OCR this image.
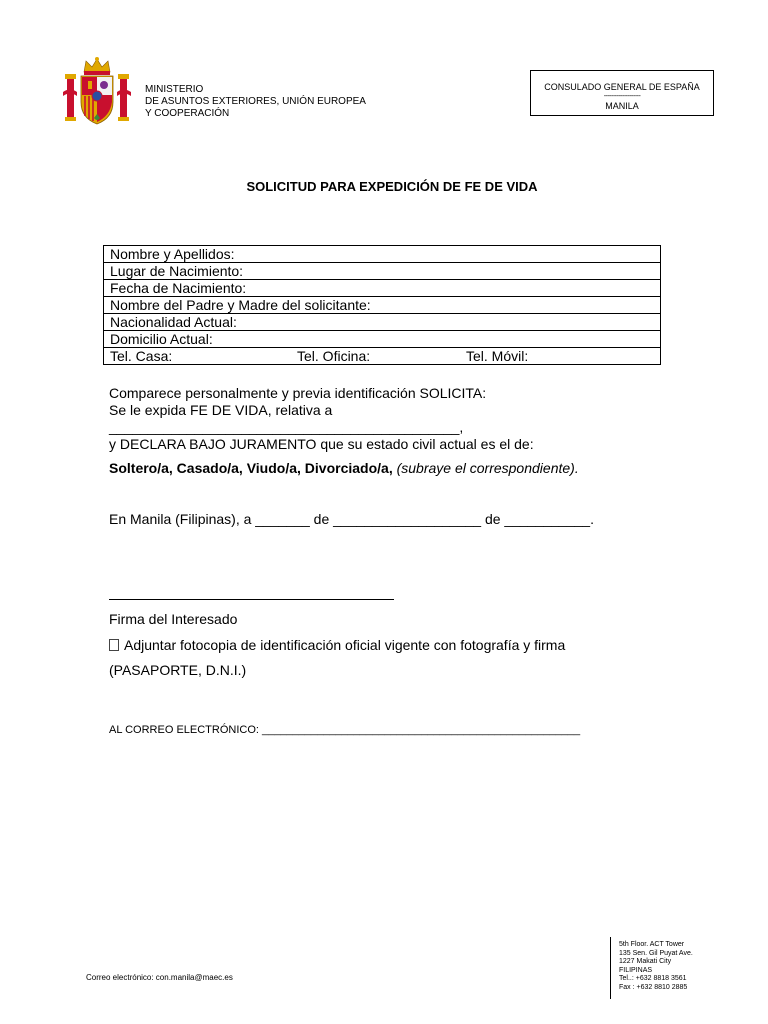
MINISTERIO
DE ASUNTOS EXTERIORES, UNIÓN EUROPEA
Y COOPERACIÓN
CONSULADO GENERAL DE ESPAÑA
--------------------
MANILA
SOLICITUD PARA EXPEDICIÓN DE FE DE VIDA
Nombre y Apellidos:
Lugar de Nacimiento:
Fecha de Nacimiento:
Nombre del Padre y Madre del solicitante:
Nacionalidad Actual:
Domicilio Actual:
Tel. Casa:	Tel. Oficina:	Tel. Móvil:
Comparece personalmente y previa identificación SOLICITA:
Se le expida FE DE VIDA, relativa a
_____________________________________________,
y DECLARA BAJO JURAMENTO que su estado civil actual es el de:
Soltero/a, Casado/a, Viudo/a, Divorciado/a, (subraye el correspondiente).
En Manila (Filipinas), a _______ de ___________________ de ___________.
Firma del Interesado
Adjuntar fotocopia de identificación oficial vigente con fotografía y firma
(PASAPORTE, D.N.I.)
AL CORREO ELECTRÓNICO: ____________________________________________________
Correo electrónico: con.manila@maec.es
5th Floor. ACT Tower
135 Sen. Gil Puyat Ave.
1227 Makati City
FILIPINAS
Tel..: +632 8818 3561
Fax : +632 8810 2885
